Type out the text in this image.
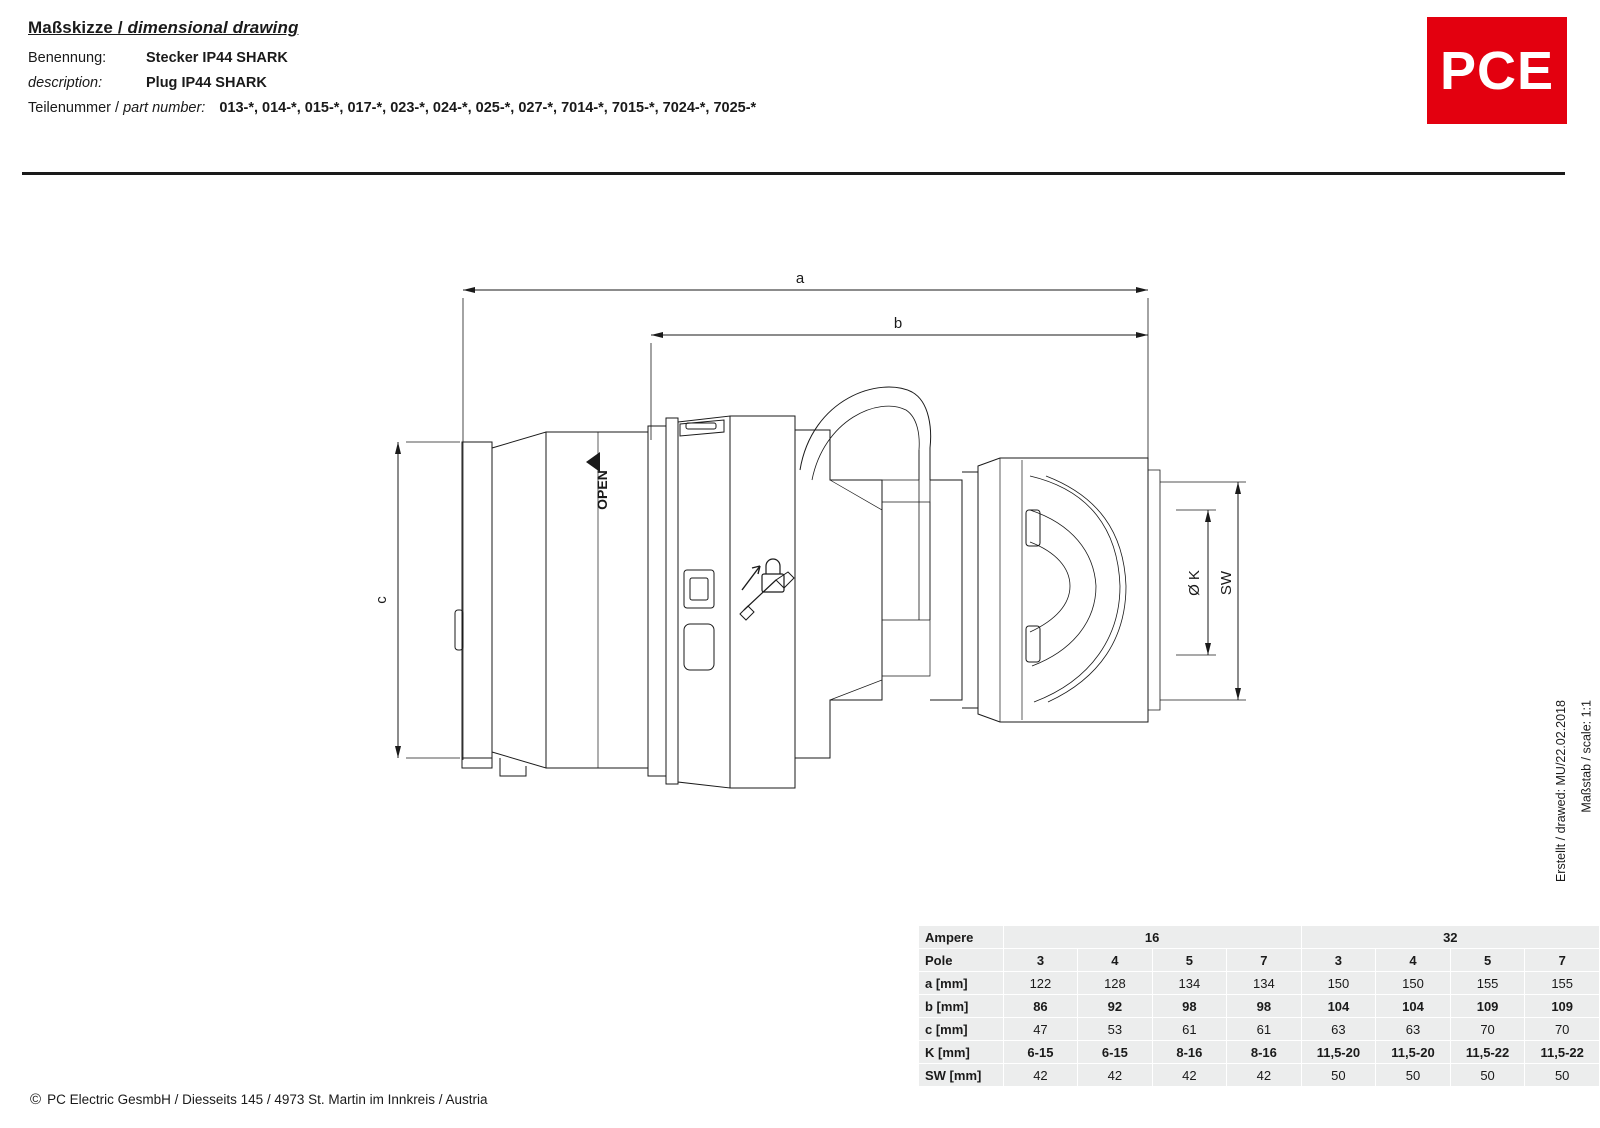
Maßskizze / dimensional drawing
Benennung:	Stecker IP44 SHARK
description:	Plug IP44 SHARK
Teilenummer / part number: 013-*, 014-*, 015-*, 017-*, 023-*, 024-*, 025-*, 027-*, 7014-*, 7015-*, 7024-*, 7025-*
PCE
a
b
c
Ø K SW
OPEN
Maßstab / scale: 1:1
Erstellt / drawed: MU/22.02.2018
Ampere	16				32			
Pole	3	4	5	7	3	4	5	7
a [mm]	122	128	134	134	150	150	155	155
b [mm]	86	92	98	98	104	104	109	109
c [mm]	47	53	61	61	63	63	70	70
K [mm]	6-15	6-15	8-16	8-16	11,5-20	11,5-20	11,5-22	11,5-22
SW [mm]	42	42	42	42	50	50	50	50
© PC Electric GesmbH / Diesseits 145 / 4973 St. Martin im Innkreis / Austria
